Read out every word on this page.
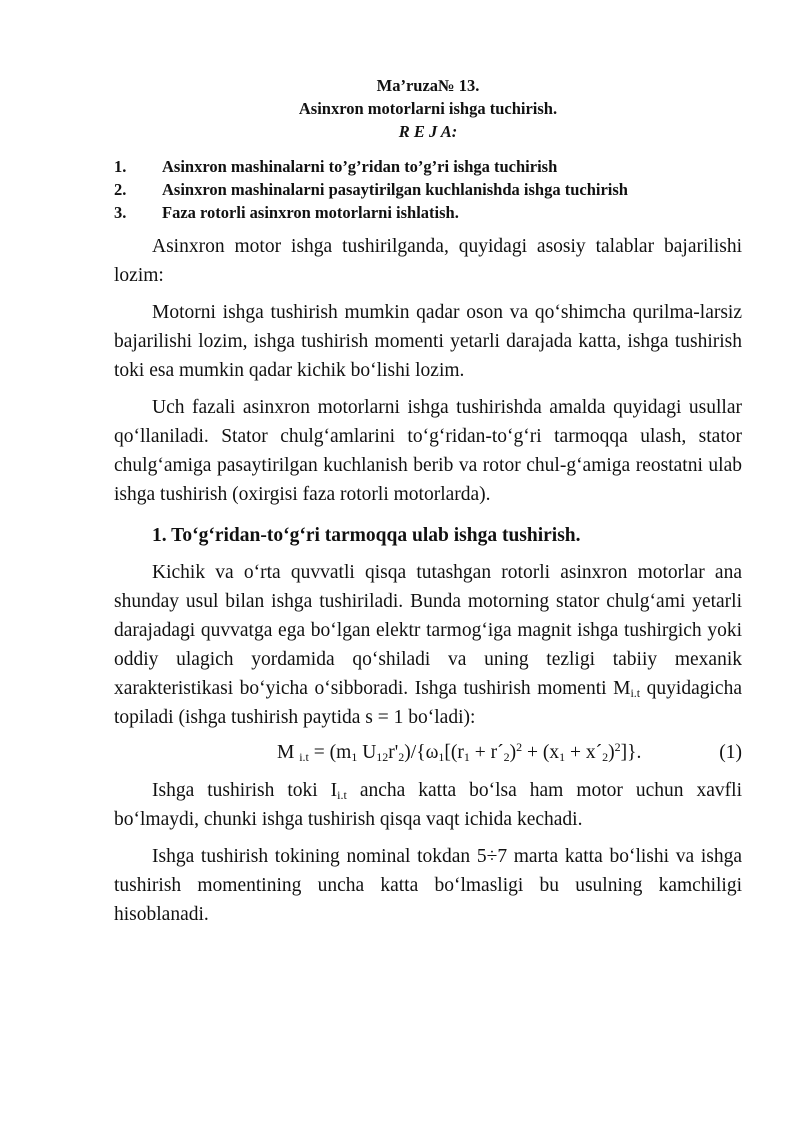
Ma’ruza№ 13.
Asinxron motorlarni ishga tuchirish.
R E J A:
1.	Asinxron mashinalarni to’g’ridan to’g’ri ishga tuchirish
2.	Asinxron mashinalarni pasaytirilgan kuchlanishda ishga tuchirish
3.	Faza rotorli asinxron motorlarni ishlatish.

Asinxron motor ishga tushirilganda, quyidagi asosiy talablar bajarilishi lozim:

Motorni ishga tushirish mumkin qadar oson va qo‘shimcha qurilma-larsiz bajarilishi lozim, ishga tushirish momenti yetarli darajada katta, ishga tushirish toki esa mumkin qadar kichik bo‘lishi lozim.

Uch fazali asinxron motorlarni ishga tushirishda amalda quyidagi usullar qo‘llaniladi. Stator chulg‘amlarini to‘g‘ridan-to‘g‘ri tarmoqqa ulash, stator chulg‘amiga pasaytirilgan kuchlanish berib va rotor chul-g‘amiga reostatni ulab ishga tushirish (oxirgisi faza rotorli motorlarda).

1. To‘g‘ridan-to‘g‘ri tarmoqqa ulab ishga tushirish.

Kichik va o‘rta quvvatli qisqa tutashgan rotorli asinxron motorlar ana shunday usul bilan ishga tushiriladi. Bunda motorning stator chulg‘ami yetarli darajadagi quvvatga ega bo‘lgan elektr tarmog‘iga magnit ishga tushirgich yoki oddiy ulagich yordamida qo‘shiladi va uning tezligi tabiiy mexanik xarakteristikasi bo‘yicha o‘sibboradi. Ishga tushirish momenti $M_{i.t}$ quyidagicha topiladi (ishga tushirish paytida s = 1 bo‘ladi):

M $_{i.t} = (m_1$ $U_{12}r'_2)/\{\omega_1[(r_1$ + $r´_2)^2 + (x_1$ + $x´_2)^2$]}.	(1)

Ishga tushirish toki $I_{i.t}$ ancha katta bo‘lsa ham motor uchun xavfli bo‘lmaydi, chunki ishga tushirish qisqa vaqt ichida kechadi.

Ishga tushirish tokining nominal tokdan 5÷7 marta katta bo‘lishi va ishga tushirish momentining uncha katta bo‘lmasligi bu usulning kamchiligi hisoblanadi.
